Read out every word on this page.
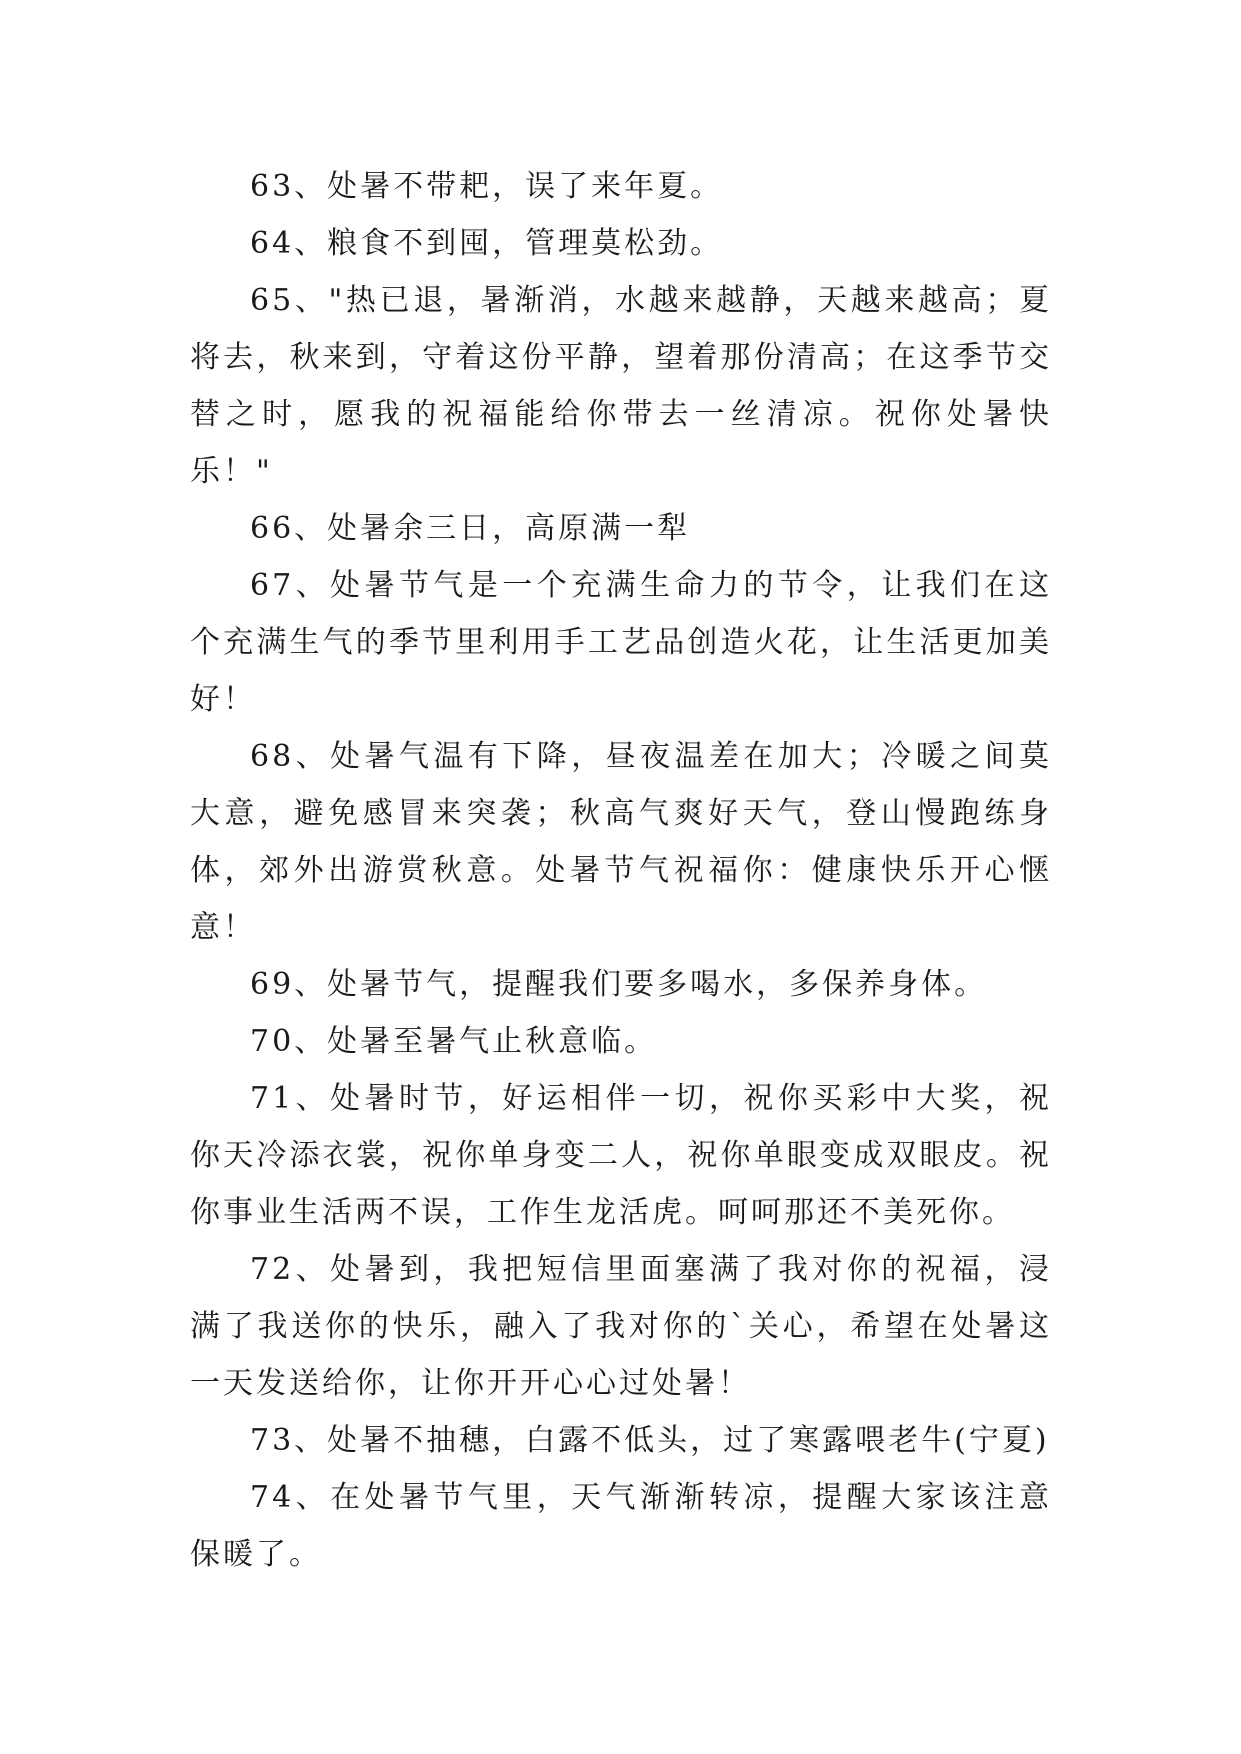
63、处暑不带耙，误了来年夏。

64、粮食不到囤，管理莫松劲。

65、"热已退，暑渐消，水越来越静，天越来越高；夏将去，秋来到，守着这份平静，望着那份清高；在这季节交替之时，愿我的祝福能给你带去一丝清凉。祝你处暑快乐！"

66、处暑余三日，高原满一犁

67、处暑节气是一个充满生命力的节令，让我们在这个充满生气的季节里利用手工艺品创造火花，让生活更加美好！

68、处暑气温有下降，昼夜温差在加大；冷暖之间莫大意，避免感冒来突袭；秋高气爽好天气，登山慢跑练身体，郊外出游赏秋意。处暑节气祝福你：健康快乐开心惬意！

69、处暑节气，提醒我们要多喝水，多保养身体。

70、处暑至暑气止秋意临。

71、处暑时节，好运相伴一切，祝你买彩中大奖，祝你天冷添衣裳，祝你单身变二人，祝你单眼变成双眼皮。祝你事业生活两不误，工作生龙活虎。呵呵那还不美死你。

72、处暑到，我把短信里面塞满了我对你的祝福，浸满了我送你的快乐，融入了我对你的`关心，希望在处暑这一天发送给你，让你开开心心过处暑！

73、处暑不抽穗，白露不低头，过了寒露喂老牛(宁夏)

74、在处暑节气里，天气渐渐转凉，提醒大家该注意保暖了。
